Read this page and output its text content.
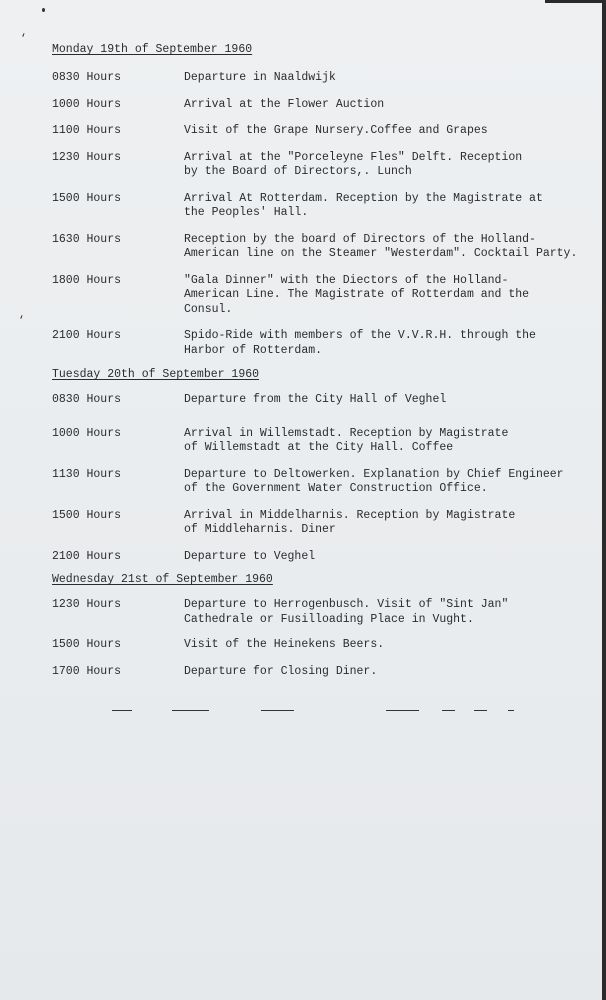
‘
‘

Monday 19th of September 1960

0830 Hours	Departure in Naaldwijk
1000 Hours	Arrival at the Flower Auction
1100 Hours	Visit of the Grape Nursery.Coffee and Grapes
1230 Hours	Arrival at the "Porceleyne Fles" Delft. Reception
by the Board of Directors,. Lunch
1500 Hours	Arrival At Rotterdam. Reception by the Magistrate at
the Peoples' Hall.
1630 Hours	Reception by the board of Directors of the Holland-
American line on the Steamer "Westerdam". Cocktail Party.
1800 Hours	"Gala Dinner" with the Diectors of the Holland-
American Line. The Magistrate of Rotterdam and the
Consul.
2100 Hours	Spido-Ride with members of the V.V.R.H. through the
Harbor of Rotterdam.

Tuesday 20th of September 1960

0830 Hours	Departure from the City Hall of Veghel
1000 Hours	Arrival in Willemstadt. Reception by Magistrate
of Willemstadt at the City Hall. Coffee
1130 Hours	Departure to Deltowerken. Explanation by Chief Engineer
of the Government Water Construction Office.
1500 Hours	Arrival in Middelharnis. Reception by Magistrate
of Middleharnis. Diner
2100 Hours	Departure to Veghel

Wednesday 21st of September 1960

1230 Hours	Departure to Herrogenbusch. Visit of "Sint Jan"
Cathedrale or Fusilloading Place in Vught.
1500 Hours	Visit of the Heinekens Beers.
1700 Hours	Departure for Closing Diner.
